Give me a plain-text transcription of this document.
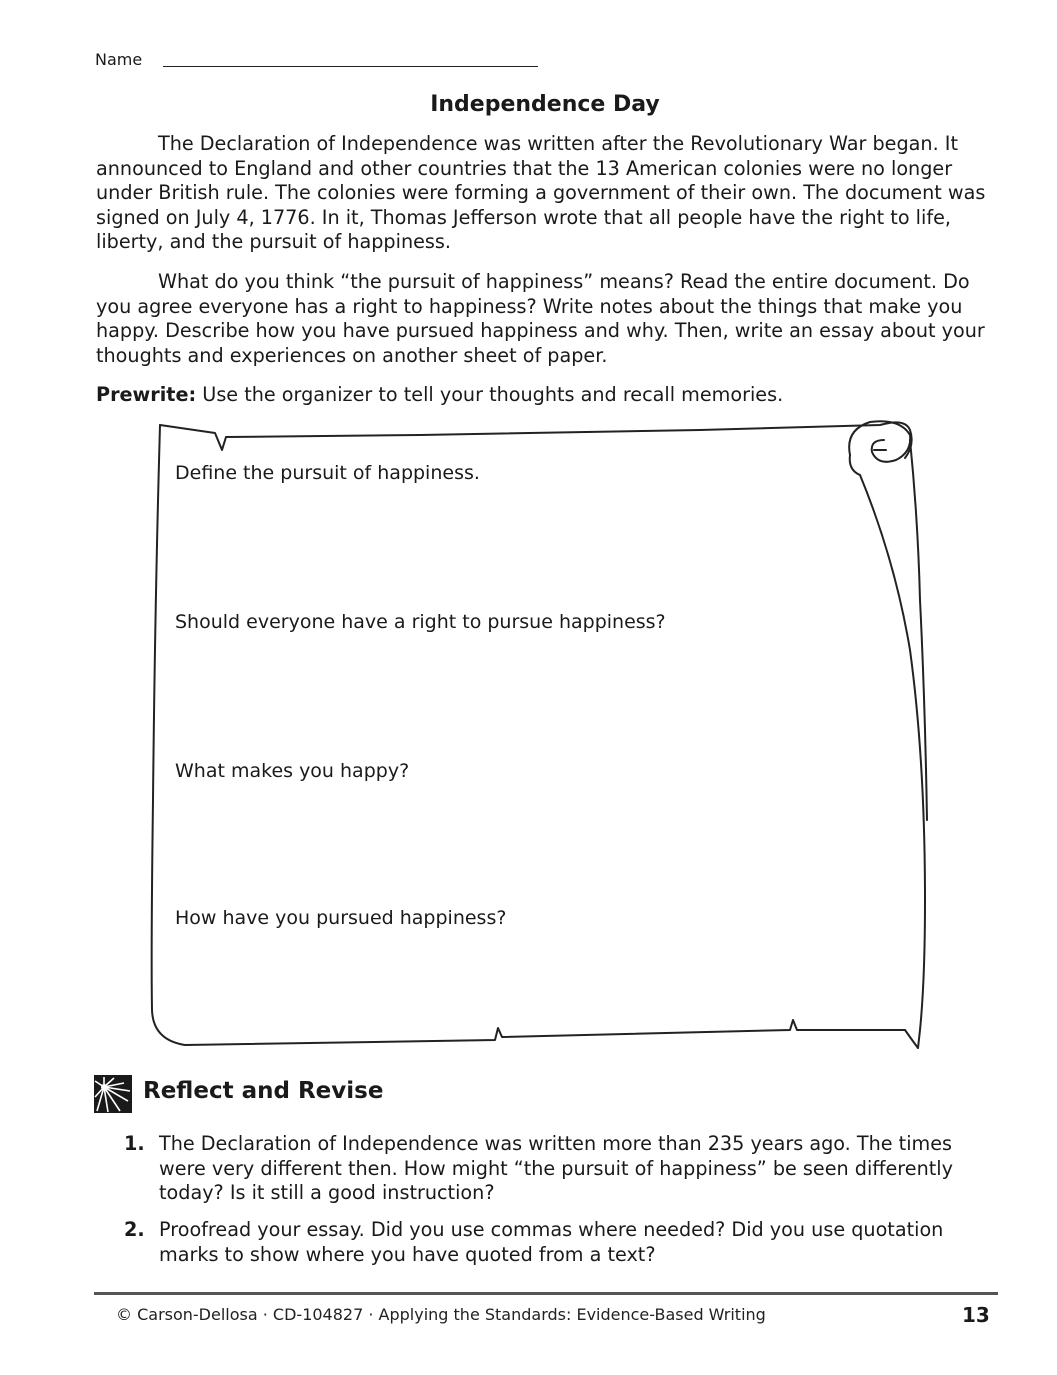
Name
Independence Day
The Declaration of Independence was written after the Revolutionary War began. It announced to England and other countries that the 13 American colonies were no longer under British rule. The colonies were forming a government of their own. The document was signed on July 4, 1776. In it, Thomas Jefferson wrote that all people have the right to life, liberty, and the pursuit of happiness.
What do you think “the pursuit of happiness” means? Read the entire document. Do you agree everyone has a right to happiness? Write notes about the things that make you happy. Describe how you have pursued happiness and why. Then, write an essay about your thoughts and experiences on another sheet of paper.
Prewrite: Use the organizer to tell your thoughts and recall memories.
Define the pursuit of happiness.
Should everyone have a right to pursue happiness?
What makes you happy?
How have you pursued happiness?
Reflect and Revise
1. The Declaration of Independence was written more than 235 years ago. The times were very different then. How might “the pursuit of happiness” be seen differently today? Is it still a good instruction?
2. Proofread your essay. Did you use commas where needed? Did you use quotation marks to show where you have quoted from a text?
© Carson-Dellosa · CD-104827 · Applying the Standards: Evidence-Based Writing	13
